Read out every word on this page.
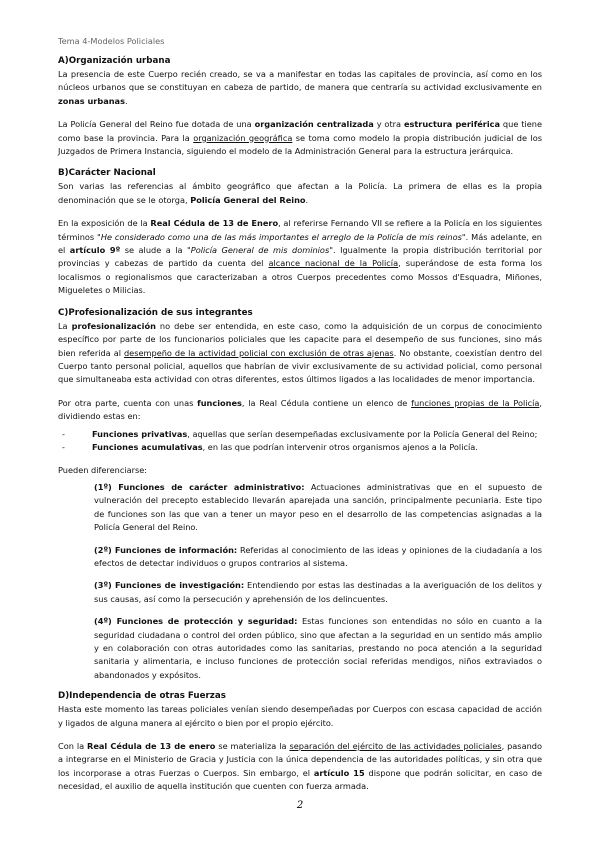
Tema 4-Modelos Policiales
A)Organización urbana

La presencia de este Cuerpo recién creado, se va a manifestar en todas las capitales de provincia, así como en los núcleos urbanos que se constituyan en cabeza de partido, de manera que centraría su actividad exclusivamente en zonas urbanas.

La Policía General del Reino fue dotada de una organización centralizada y otra estructura periférica que tiene como base la provincia. Para la organización geográfica se toma como modelo la propia distribución judicial de los Juzgados de Primera Instancia, siguiendo el modelo de la Administración General para la estructura jerárquica.

B)Carácter Nacional

Son varias las referencias al ámbito geográfico que afectan a la Policía. La primera de ellas es la propia denominación que se le otorga, Policía General del Reino.

En la exposición de la Real Cédula de 13 de Enero, al referirse Fernando VII se refiere a la Policía en los siguientes términos "He considerado como una de las más importantes el arreglo de la Policía de mis reinos". Más adelante, en el artículo 9º se alude a la "Policía General de mis dominios". Igualmente la propia distribución territorial por provincias y cabezas de partido da cuenta del alcance nacional de la Policía, superándose de esta forma los localismos o regionalismos que caracterizaban a otros Cuerpos precedentes como Mossos d'Esquadra, Miñones, Migueletes o Milicias.

C)Profesionalización de sus integrantes

La profesionalización no debe ser entendida, en este caso, como la adquisición de un corpus de conocimiento específico por parte de los funcionarios policiales que les capacite para el desempeño de sus funciones, sino más bien referida al desempeño de la actividad policial con exclusión de otras ajenas. No obstante, coexistían dentro del Cuerpo tanto personal policial, aquellos que habrían de vivir exclusivamente de su actividad policial, como personal que simultaneaba esta actividad con otras diferentes, estos últimos ligados a las localidades de menor importancia.

Por otra parte, cuenta con unas funciones, la Real Cédula contiene un elenco de funciones propias de la Policía, dividiendo estas en:

- Funciones privativas, aquellas que serían desempeñadas exclusivamente por la Policía General del Reino;
- Funciones acumulativas, en las que podrían intervenir otros organismos ajenos a la Policía.

Pueden diferenciarse:

(1º) Funciones de carácter administrativo: Actuaciones administrativas que en el supuesto de vulneración del precepto establecido llevarán aparejada una sanción, principalmente pecuniaria. Este tipo de funciones son las que van a tener un mayor peso en el desarrollo de las competencias asignadas a la Policía General del Reino.

(2º) Funciones de información: Referidas al conocimiento de las ideas y opiniones de la ciudadanía a los efectos de detectar individuos o grupos contrarios al sistema.

(3º) Funciones de investigación: Entendiendo por estas las destinadas a la averiguación de los delitos y sus causas, así como la persecución y aprehensión de los delincuentes.

(4º) Funciones de protección y seguridad: Estas funciones son entendidas no sólo en cuanto a la seguridad ciudadana o control del orden público, sino que afectan a la seguridad en un sentido más amplio y en colaboración con otras autoridades como las sanitarias, prestando no poca atención a la seguridad sanitaria y alimentaria, e incluso funciones de protección social referidas mendigos, niños extraviados o abandonados y expósitos.

D)Independencia de otras Fuerzas

Hasta este momento las tareas policiales venían siendo desempeñadas por Cuerpos con escasa capacidad de acción y ligados de alguna manera al ejército o bien por el propio ejército.

Con la Real Cédula de 13 de enero se materializa la separación del ejército de las actividades policiales, pasando a integrarse en el Ministerio de Gracia y Justicia con la única dependencia de las autoridades políticas, y sin otra que los incorporase a otras Fuerzas o Cuerpos. Sin embargo, el artículo 15 dispone que podrán solicitar, en caso de necesidad, el auxilio de aquella institución que cuenten con fuerza armada.

2
